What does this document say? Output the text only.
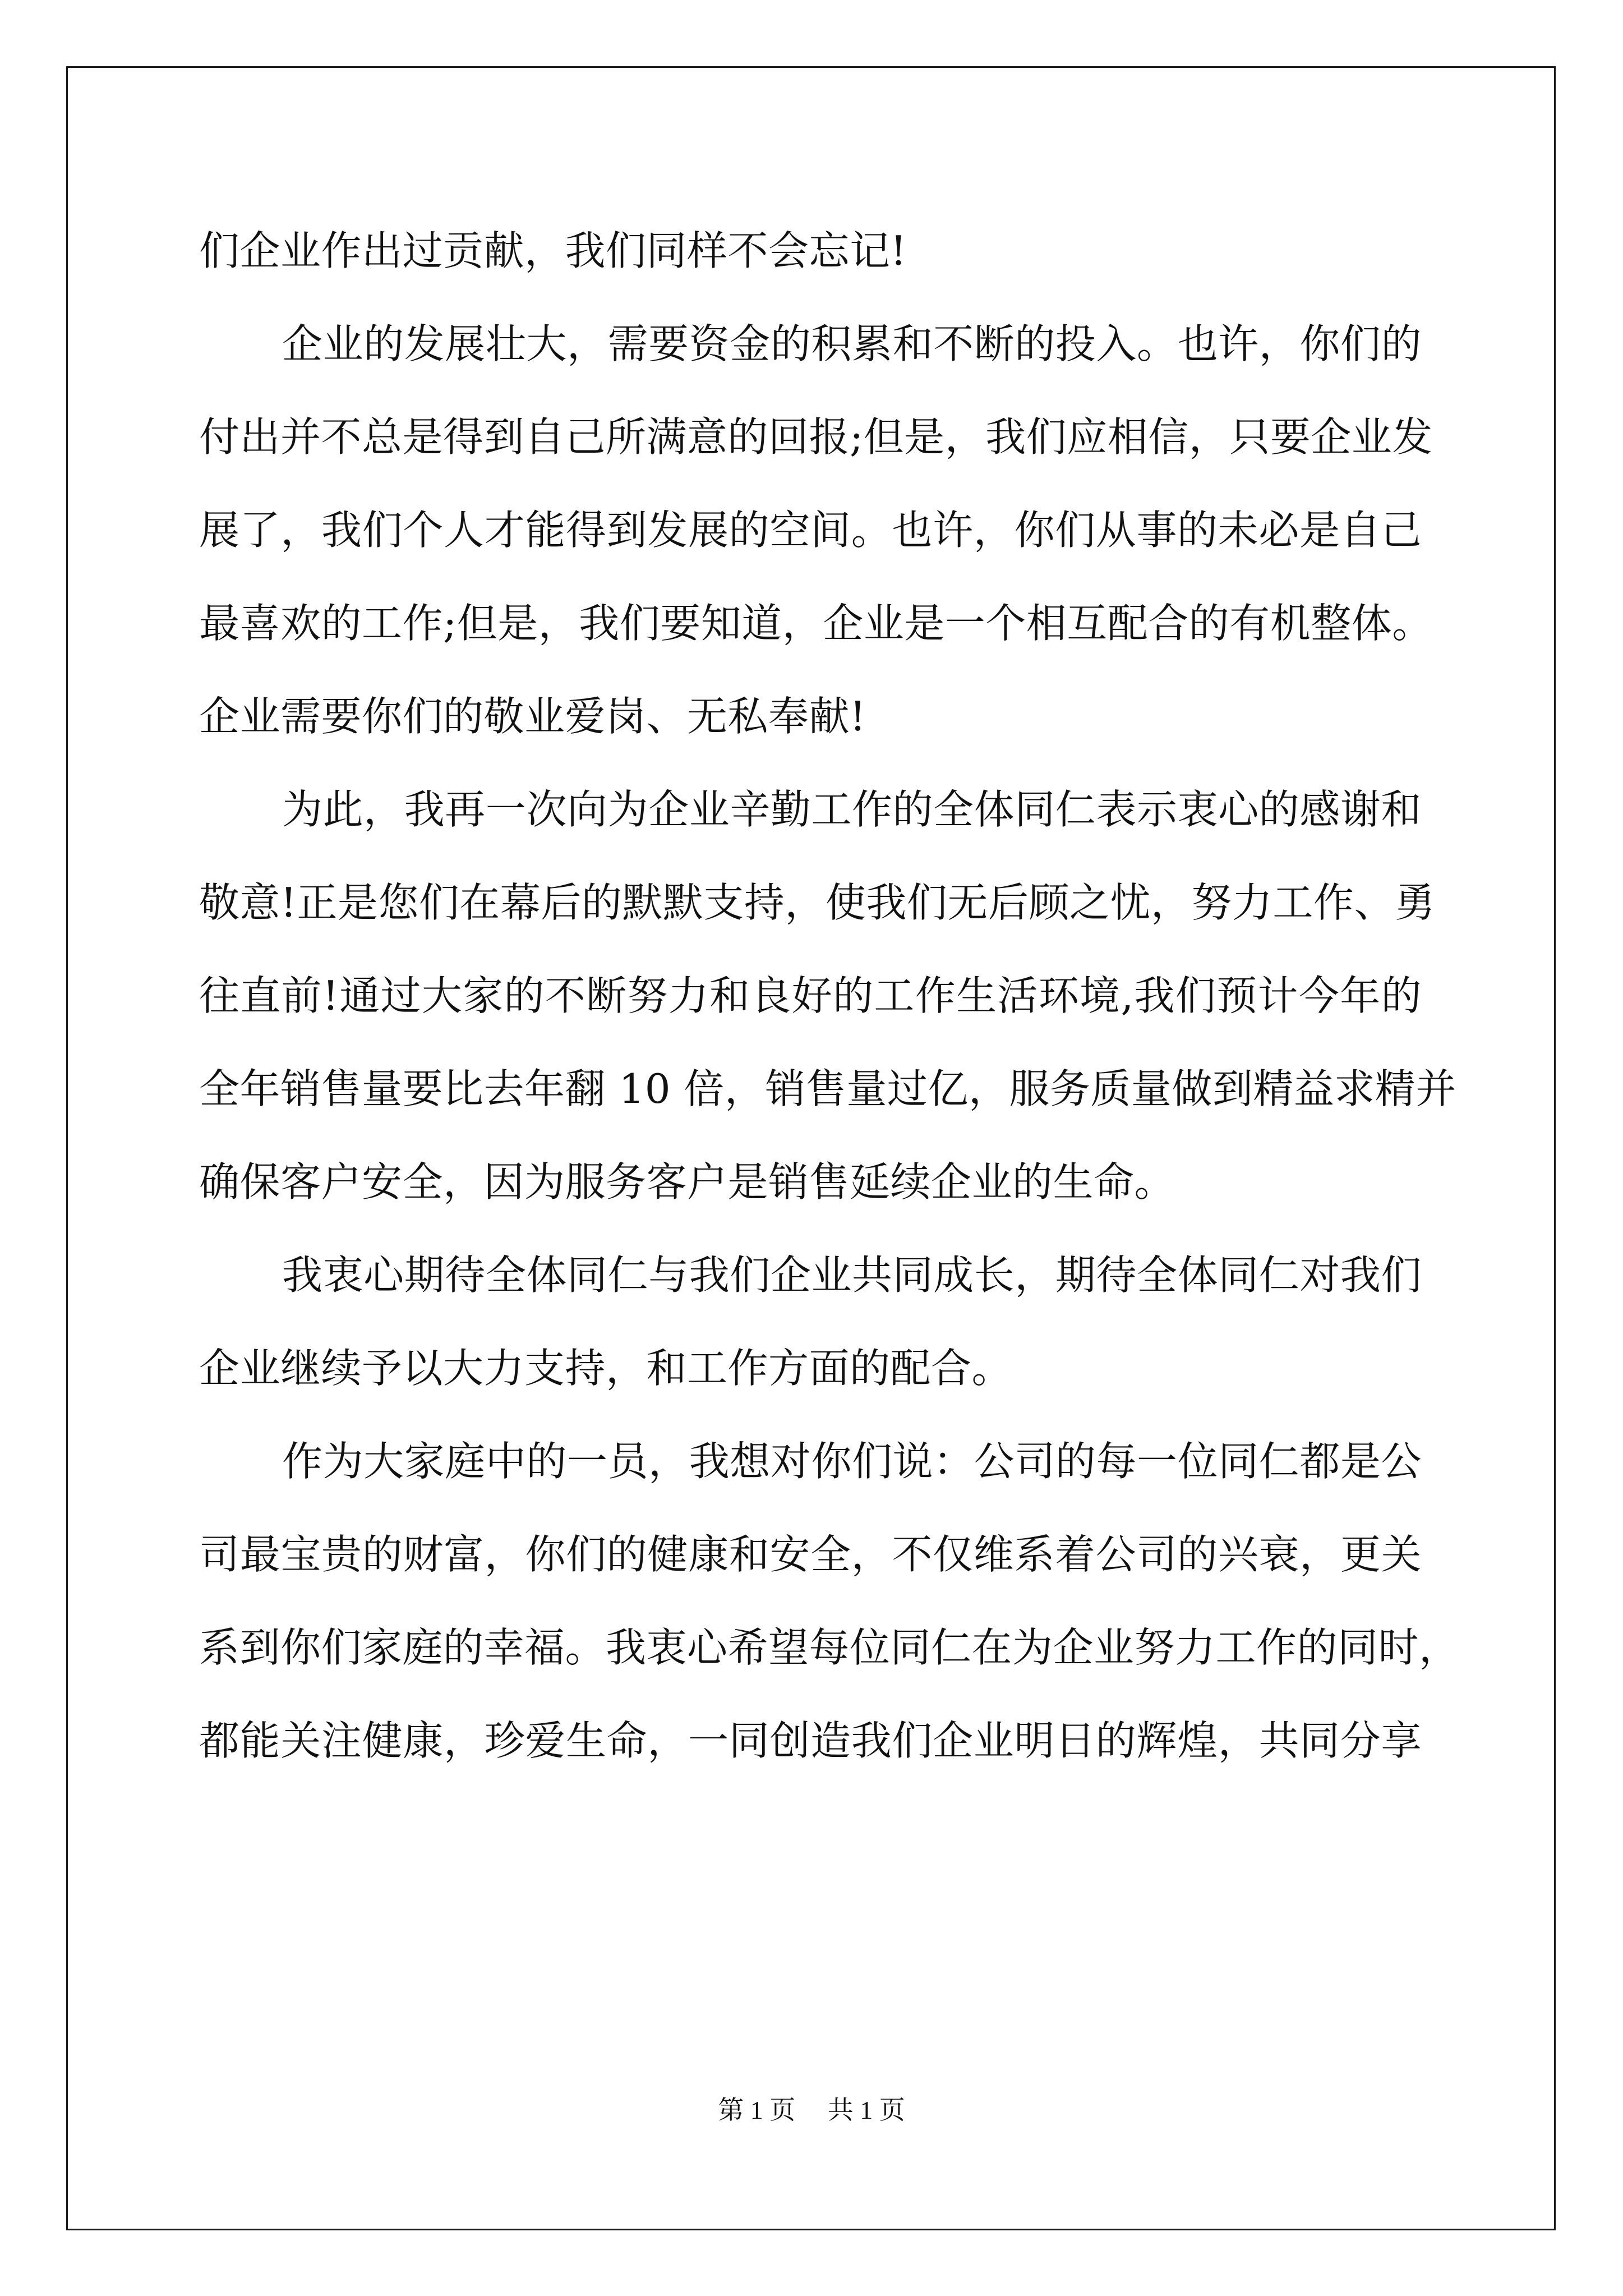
们企业作出过贡献，我们同样不会忘记!
企业的发展壮大，需要资金的积累和不断的投入。也许，你们的
付出并不总是得到自己所满意的回报;但是，我们应相信，只要企业发
展了，我们个人才能得到发展的空间。也许，你们从事的未必是自己
最喜欢的工作;但是，我们要知道，企业是一个相互配合的有机整体。
企业需要你们的敬业爱岗、无私奉献!
为此，我再一次向为企业辛勤工作的全体同仁表示衷心的感谢和
敬意!正是您们在幕后的默默支持，使我们无后顾之忧，努力工作、勇
往直前!通过大家的不断努力和良好的工作生活环境,我们预计今年的
全年销售量要比去年翻 10 倍，销售量过亿，服务质量做到精益求精并
确保客户安全，因为服务客户是销售延续企业的生命。
我衷心期待全体同仁与我们企业共同成长，期待全体同仁对我们
企业继续予以大力支持，和工作方面的配合。
作为大家庭中的一员，我想对你们说：公司的每一位同仁都是公
司最宝贵的财富，你们的健康和安全，不仅维系着公司的兴衰，更关
系到你们家庭的幸福。我衷心希望每位同仁在为企业努力工作的同时，
都能关注健康，珍爱生命，一同创造我们企业明日的辉煌，共同分享
第 1 页 共 1 页
